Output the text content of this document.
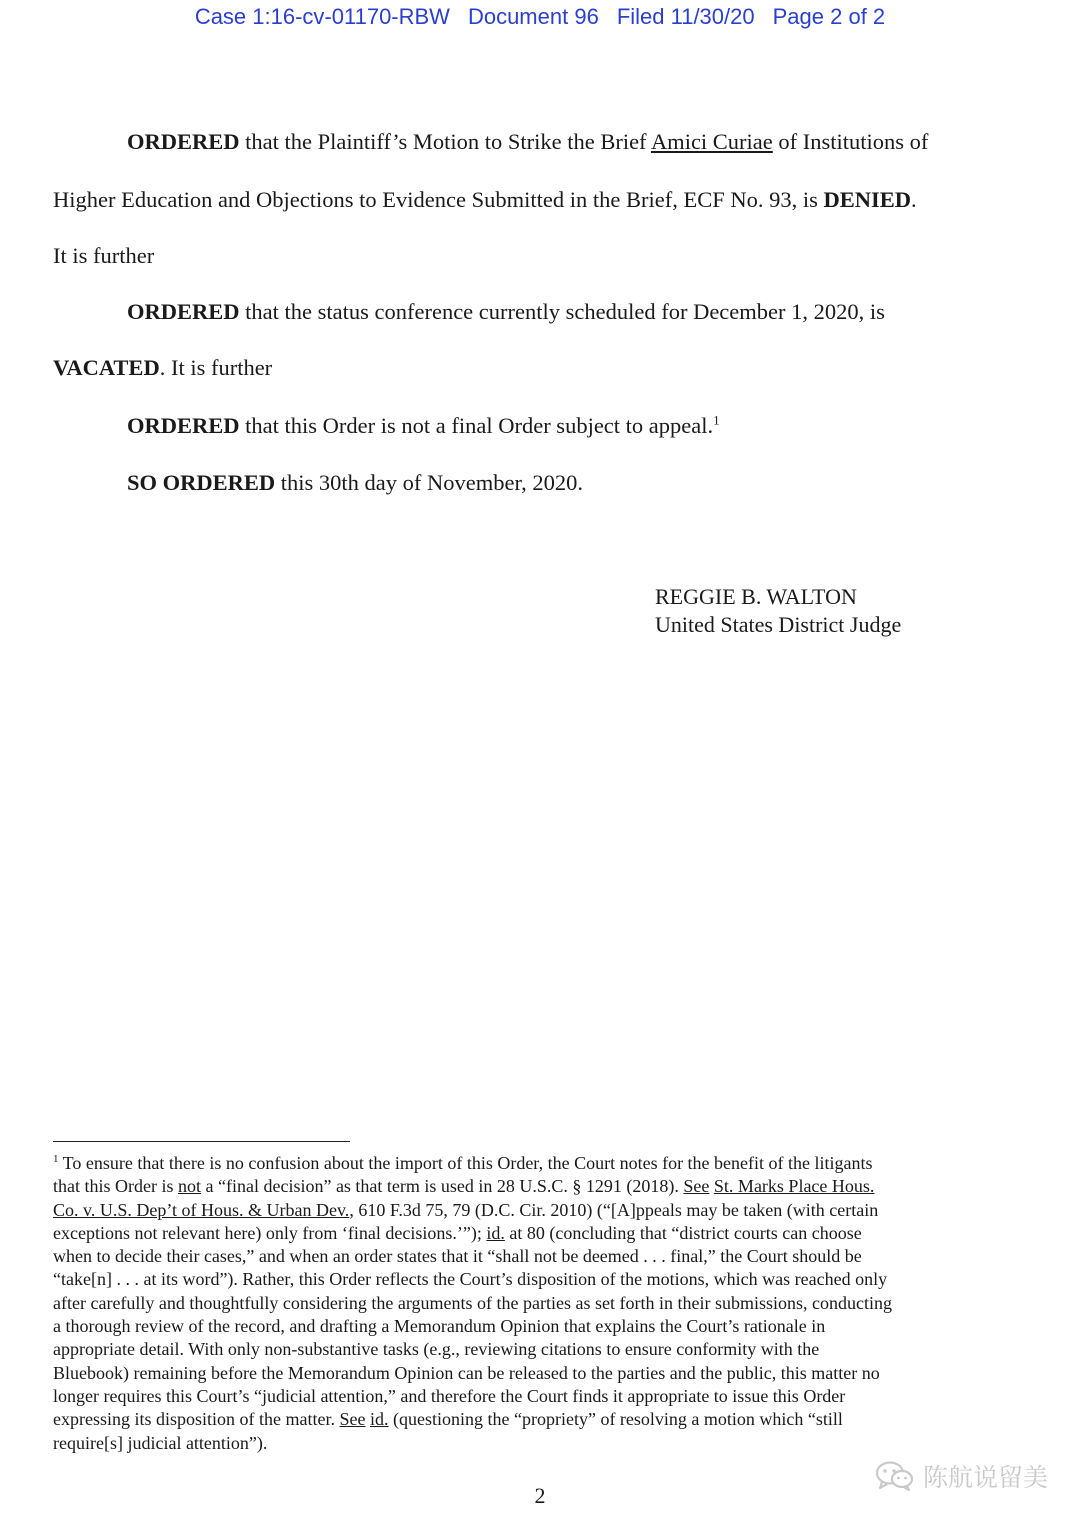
Case 1:16-cv-01170-RBW Document 96 Filed 11/30/20 Page 2 of 2
ORDERED that the Plaintiff’s Motion to Strike the Brief Amici Curiae of Institutions of
Higher Education and Objections to Evidence Submitted in the Brief, ECF No. 93, is DENIED.
It is further
ORDERED that the status conference currently scheduled for December 1, 2020, is
VACATED. It is further
ORDERED that this Order is not a final Order subject to appeal.$^1$
SO ORDERED this 30th day of November, 2020.
REGGIE B. WALTON
United States District Judge
$^1$ To ensure that there is no confusion about the import of this Order, the Court notes for the benefit of the litigants
that this Order is not a “final decision” as that term is used in 28 U.S.C. § 1291 (2018). See St. Marks Place Hous.
Co. v. U.S. Dep’t of Hous. & Urban Dev., 610 F.3d 75, 79 (D.C. Cir. 2010) (“[A]ppeals may be taken (with certain
exceptions not relevant here) only from ‘final decisions.’”); id. at 80 (concluding that “district courts can choose
when to decide their cases,” and when an order states that it “shall not be deemed . . . final,” the Court should be
“take[n] . . . at its word”). Rather, this Order reflects the Court’s disposition of the motions, which was reached only
after carefully and thoughtfully considering the arguments of the parties as set forth in their submissions, conducting
a thorough review of the record, and drafting a Memorandum Opinion that explains the Court’s rationale in
appropriate detail. With only non-substantive tasks (e.g., reviewing citations to ensure conformity with the
Bluebook) remaining before the Memorandum Opinion can be released to the parties and the public, this matter no
longer requires this Court’s “judicial attention,” and therefore the Court finds it appropriate to issue this Order
expressing its disposition of the matter. See id. (questioning the “propriety” of resolving a motion which “still
require[s] judicial attention”).
2
陈航说留美
